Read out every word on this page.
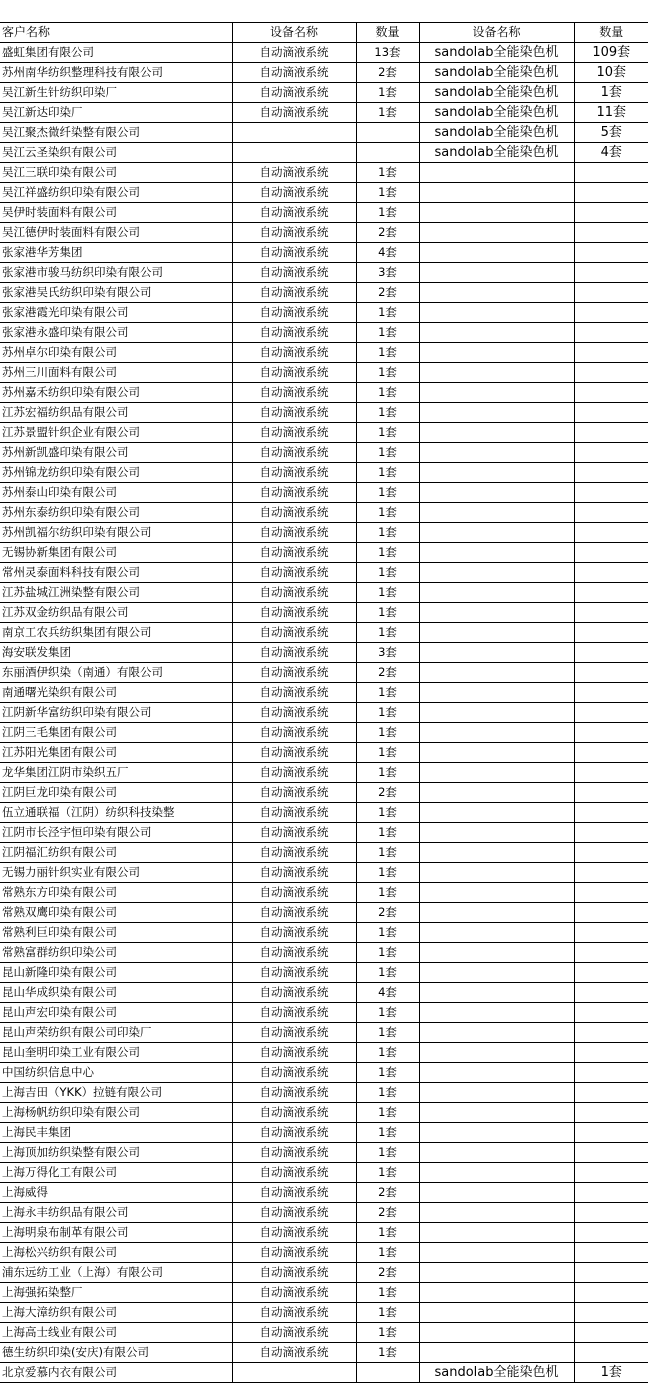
客户名称	设备名称	数量	设备名称	数量
盛虹集团有限公司	自动滴液系统	13套	sandolab全能染色机	109套
苏州南华纺织整理科技有限公司	自动滴液系统	2套	sandolab全能染色机	10套
吴江新生针纺织印染厂	自动滴液系统	1套	sandolab全能染色机	1套
吴江新达印染厂	自动滴液系统	1套	sandolab全能染色机	11套
吴江聚杰微纤染整有限公司			sandolab全能染色机	5套
吴江云圣染织有限公司			sandolab全能染色机	4套
吴江三联印染有限公司	自动滴液系统	1套		
吴江祥盛纺织印染有限公司	自动滴液系统	1套		
吴伊时装面料有限公司	自动滴液系统	1套		
吴江德伊时装面料有限公司	自动滴液系统	2套		
张家港华芳集团	自动滴液系统	4套		
张家港市骏马纺织印染有限公司	自动滴液系统	3套		
张家港吴氏纺织印染有限公司	自动滴液系统	2套		
张家港霞光印染有限公司	自动滴液系统	1套		
张家港永盛印染有限公司	自动滴液系统	1套		
苏州卓尔印染有限公司	自动滴液系统	1套		
苏州三川面料有限公司	自动滴液系统	1套		
苏州嘉禾纺织印染有限公司	自动滴液系统	1套		
江苏宏福纺织品有限公司	自动滴液系统	1套		
江苏景盟针织企业有限公司	自动滴液系统	1套		
苏州新凯盛印染有限公司	自动滴液系统	1套		
苏州锦龙纺织印染有限公司	自动滴液系统	1套		
苏州泰山印染有限公司	自动滴液系统	1套		
苏州东泰纺织印染有限公司	自动滴液系统	1套		
苏州凯福尔纺织印染有限公司	自动滴液系统	1套		
无锡协新集团有限公司	自动滴液系统	1套		
常州灵泰面料科技有限公司	自动滴液系统	1套		
江苏盐城江洲染整有限公司	自动滴液系统	1套		
江苏双金纺织品有限公司	自动滴液系统	1套		
南京工农兵纺织集团有限公司	自动滴液系统	1套		
海安联发集团	自动滴液系统	3套		
东丽酒伊织染（南通）有限公司	自动滴液系统	2套		
南通曙光染织有限公司	自动滴液系统	1套		
江阴新华富纺织印染有限公司	自动滴液系统	1套		
江阴三毛集团有限公司	自动滴液系统	1套		
江苏阳光集团有限公司	自动滴液系统	1套		
龙华集团江阴市染织五厂	自动滴液系统	1套		
江阴巨龙印染有限公司	自动滴液系统	2套		
伍立通联福（江阴）纺织科技染整	自动滴液系统	1套		
江阴市长泾宇恒印染有限公司	自动滴液系统	1套		
江阴福汇纺织有限公司	自动滴液系统	1套		
无锡力丽针织实业有限公司	自动滴液系统	1套		
常熟东方印染有限公司	自动滴液系统	1套		
常熟双鹰印染有限公司	自动滴液系统	2套		
常熟利巨印染有限公司	自动滴液系统	1套		
常熟富群纺织印染公司	自动滴液系统	1套		
昆山新隆印染有限公司	自动滴液系统	1套		
昆山华成织染有限公司	自动滴液系统	4套		
昆山声宏印染有限公司	自动滴液系统	1套		
昆山声荣纺织有限公司印染厂	自动滴液系统	1套		
昆山奎明印染工业有限公司	自动滴液系统	1套		
中国纺织信息中心	自动滴液系统	1套		
上海吉田（YKK）拉链有限公司	自动滴液系统	1套		
上海杨帆纺织印染有限公司	自动滴液系统	1套		
上海民丰集团	自动滴液系统	1套		
上海顶加纺织染整有限公司	自动滴液系统	1套		
上海万得化工有限公司	自动滴液系统	1套		
上海威得	自动滴液系统	2套		
上海永丰纺织品有限公司	自动滴液系统	2套		
上海明泉布制革有限公司	自动滴液系统	1套		
上海松兴纺织有限公司	自动滴液系统	1套		
浦东远纺工业（上海）有限公司	自动滴液系统	2套		
上海强拓染整厂	自动滴液系统	1套		
上海大漳纺织有限公司	自动滴液系统	1套		
上海高士线业有限公司	自动滴液系统	1套		
德生纺织印染(安庆)有限公司	自动滴液系统	1套		
北京爱慕内衣有限公司			sandolab全能染色机	1套
